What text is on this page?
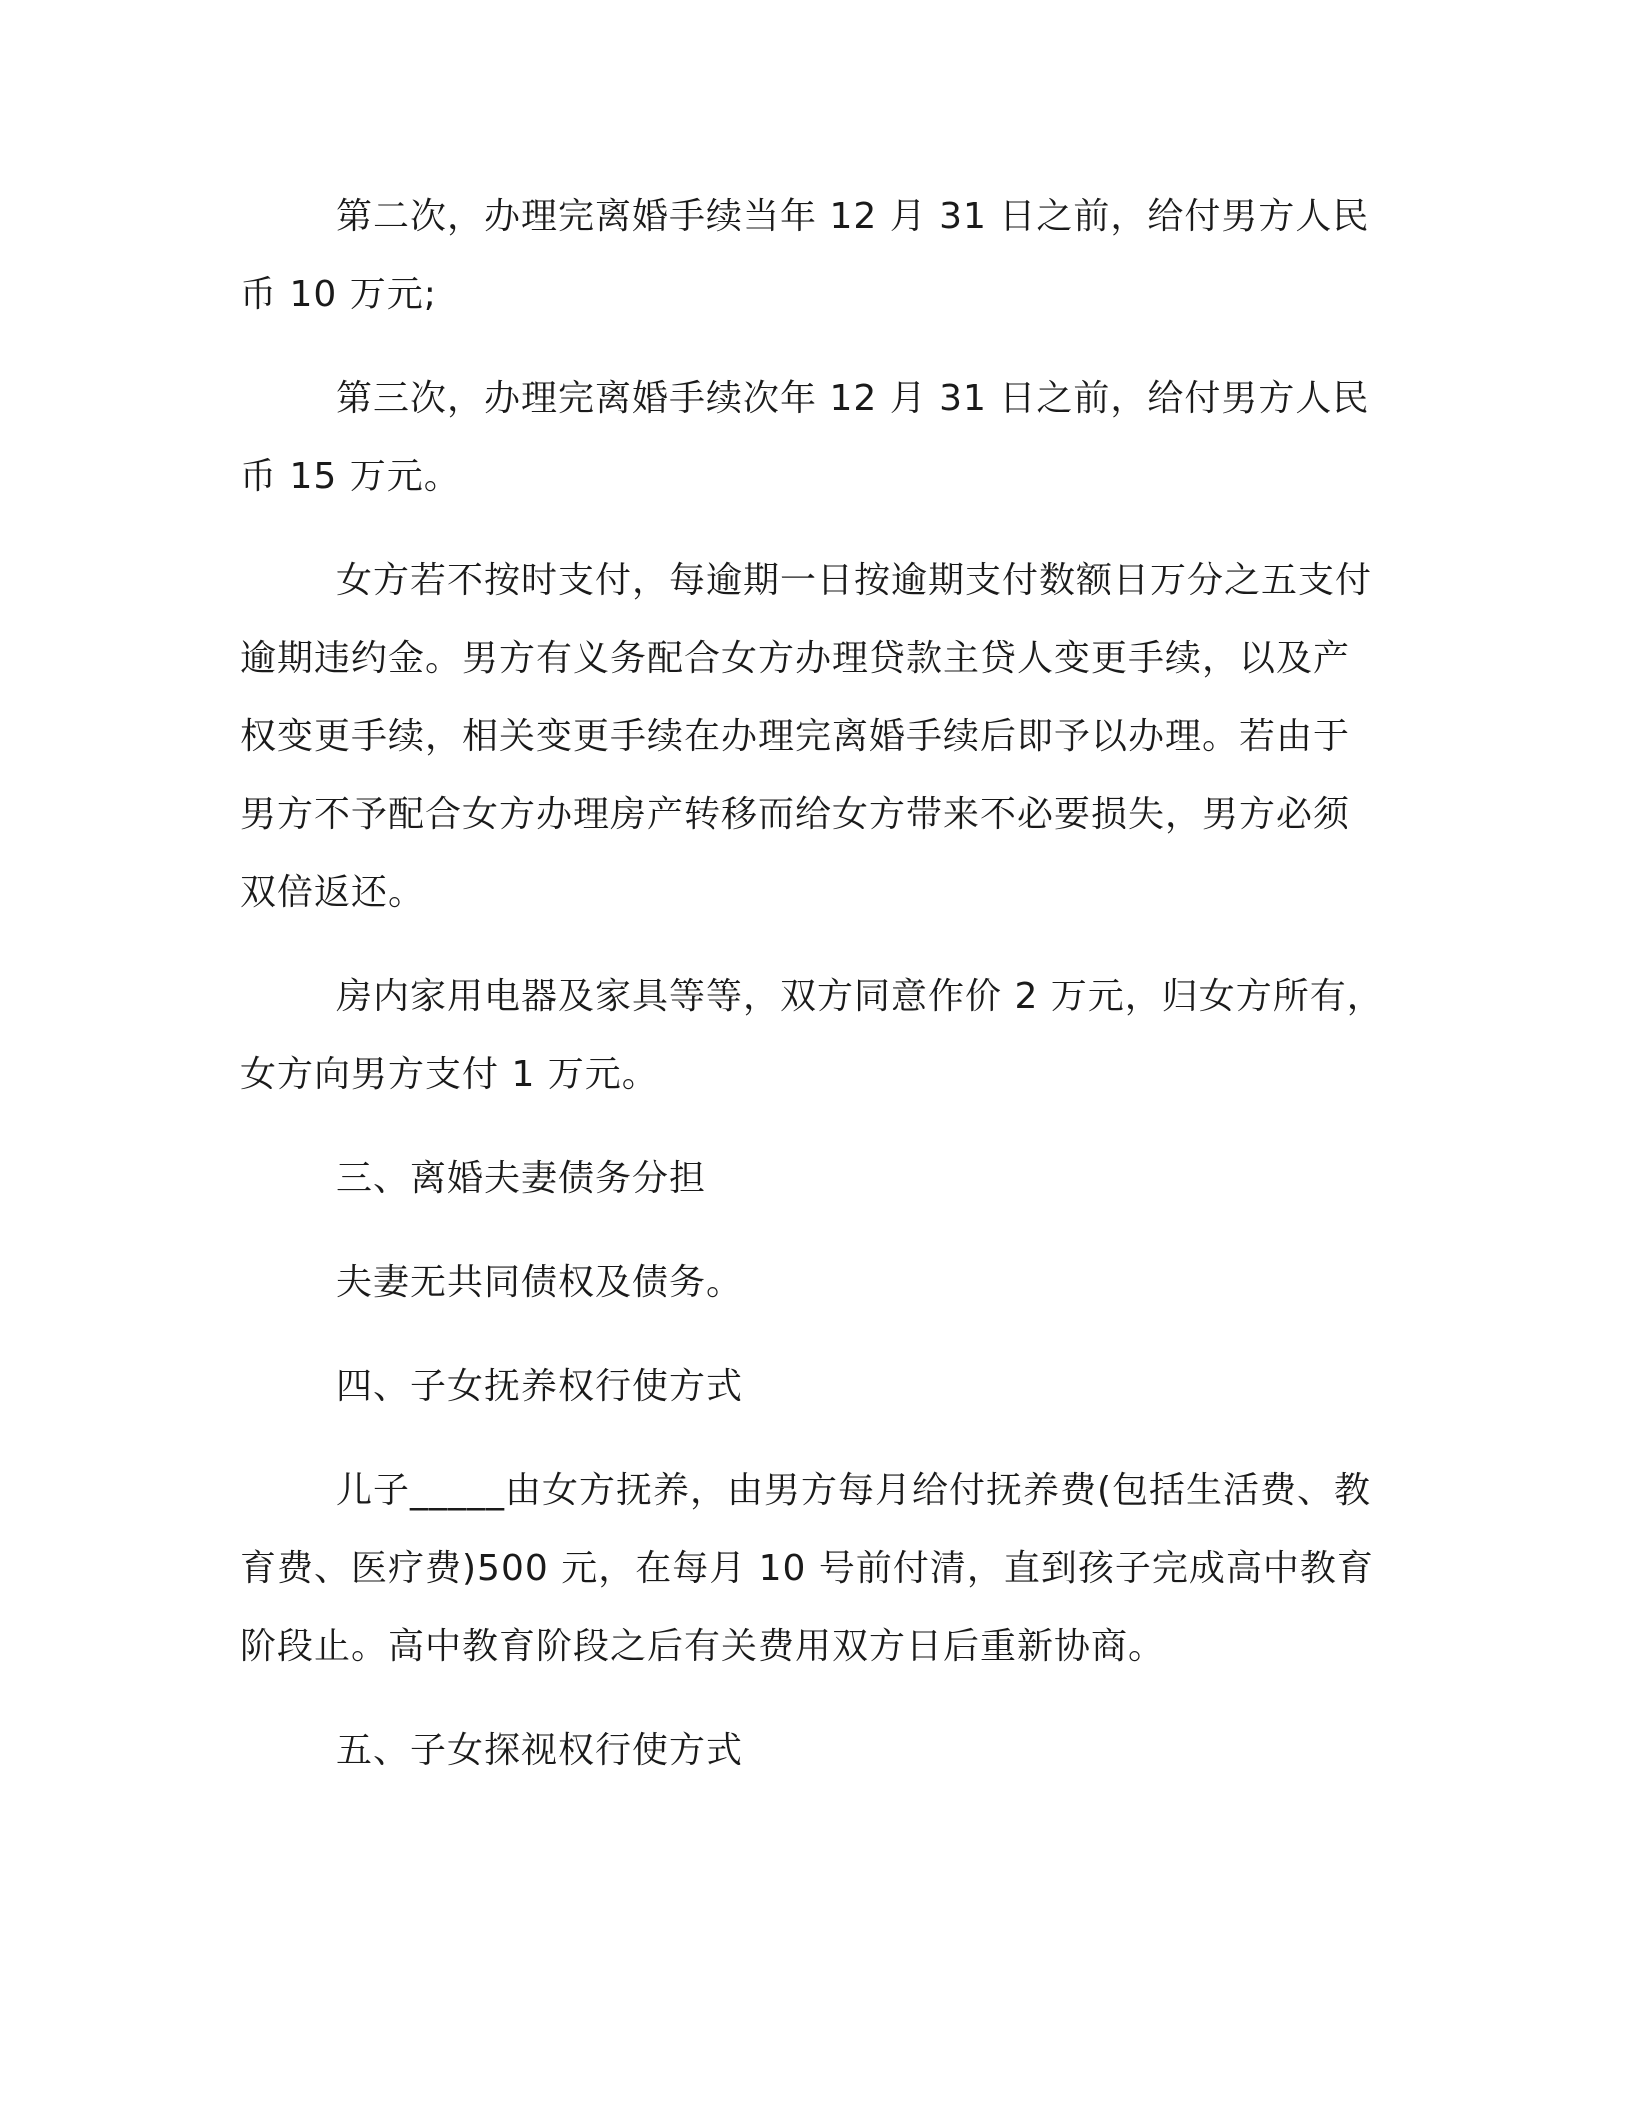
第二次，办理完离婚手续当年 12 月 31 日之前，给付男方人民
币 10 万元;
第三次，办理完离婚手续次年 12 月 31 日之前，给付男方人民
币 15 万元。
女方若不按时支付，每逾期一日按逾期支付数额日万分之五支付
逾期违约金。男方有义务配合女方办理贷款主贷人变更手续，以及产
权变更手续，相关变更手续在办理完离婚手续后即予以办理。若由于
男方不予配合女方办理房产转移而给女方带来不必要损失，男方必须
双倍返还。
房内家用电器及家具等等，双方同意作价 2 万元，归女方所有，
女方向男方支付 1 万元。
三、离婚夫妻债务分担
夫妻无共同债权及债务。
四、子女抚养权行使方式
儿子_____由女方抚养，由男方每月给付抚养费(包括生活费、教
育费、医疗费)500 元，在每月 10 号前付清，直到孩子完成高中教育
阶段止。高中教育阶段之后有关费用双方日后重新协商。
五、子女探视权行使方式
